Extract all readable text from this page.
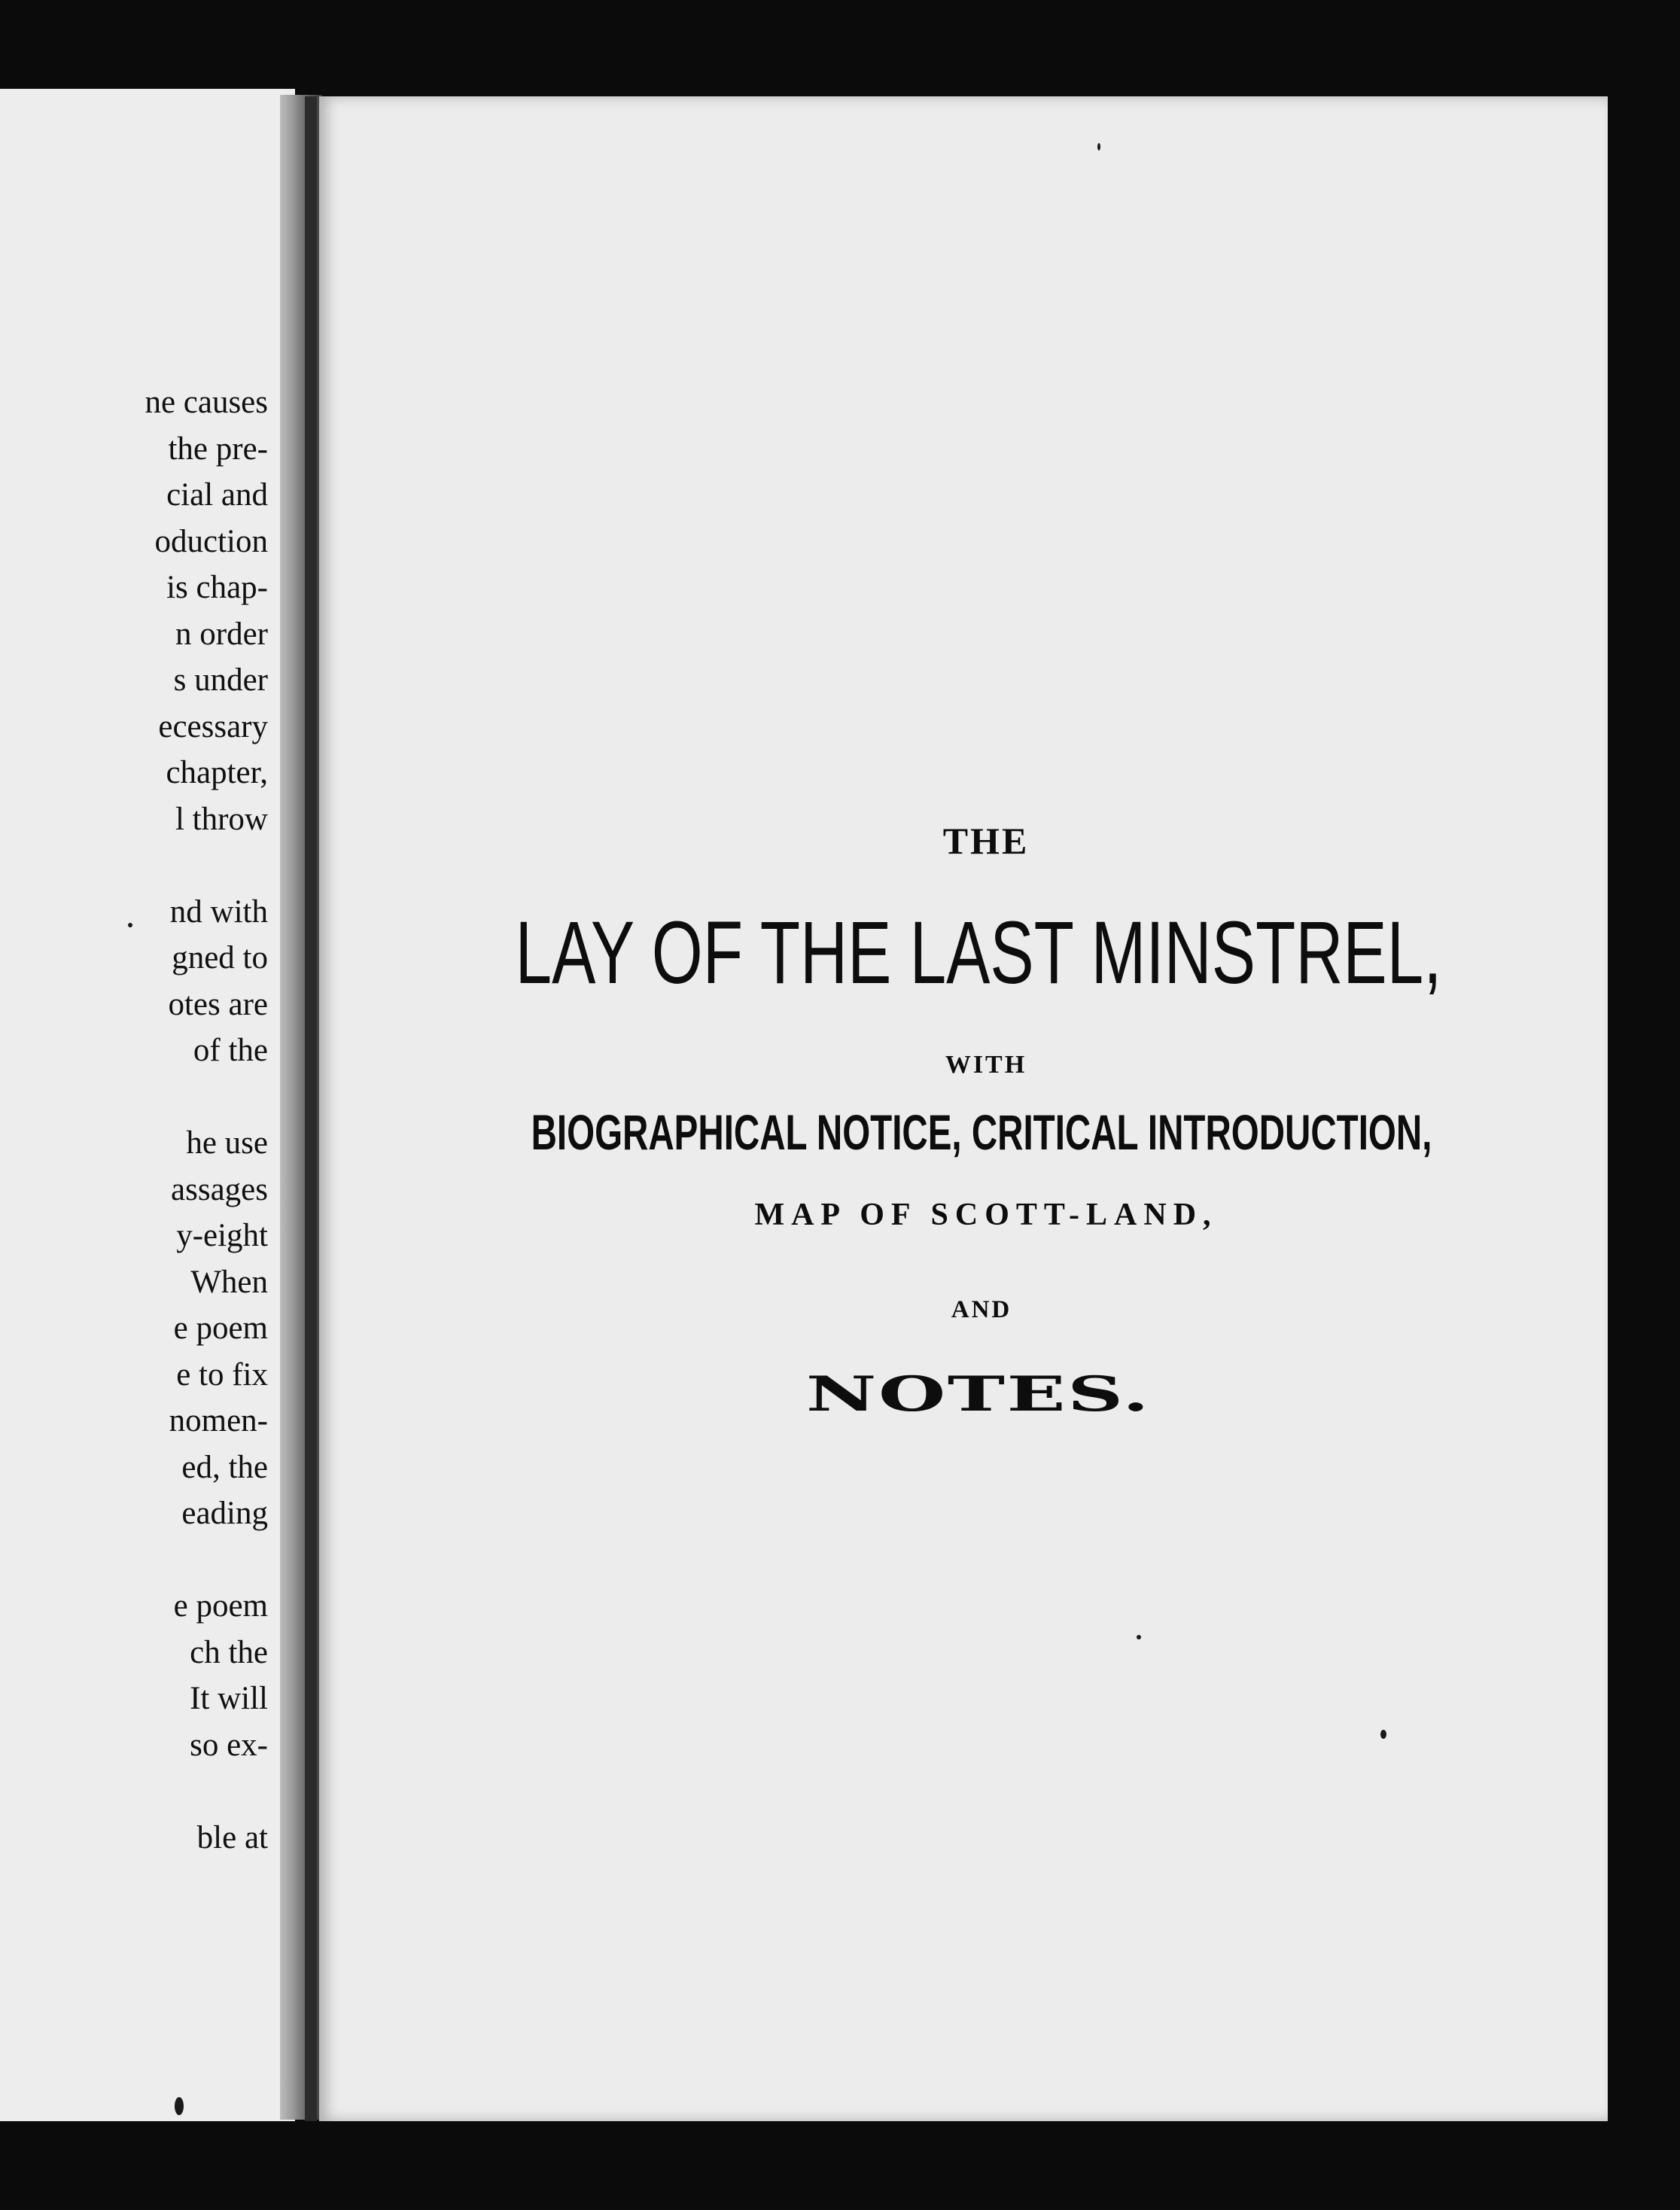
ne causes
the pre-
cial and
oduction
is chap-
n order
s under
ecessary
chapter,
l throw
nd with
gned to
otes are
of the
he use
assages
y-eight
When
e poem
e to fix
nomen-
ed, the
eading
e poem
ch the
It will
so ex-
ble at
THE
LAY OF THE LAST MINSTREL,
WITH
BIOGRAPHICAL NOTICE, CRITICAL INTRODUCTION,
MAP OF SCOTT-LAND,
AND
NOTES.
